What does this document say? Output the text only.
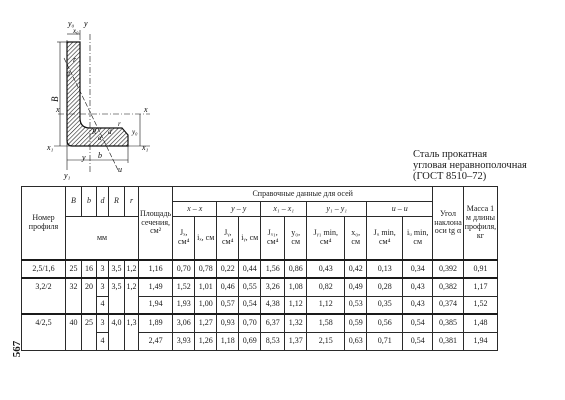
y₀ y
x₀
r
u
B
x	x
R d
α
r
y₀
x₁	x₁
y b
u
y₁
567
Сталь прокатная
угловая неравнополочная
(ГОСТ 8510–72)
Номер профиля	B	b	d	R	r	Площадь сечения, см²	Справочные данные для осей										Угол наклона оси tg α	Масса 1 м длины профиля, кг
							x – x		y – y		x₁ – x₁		y₁ – y₁		u – u			
	мм						Jₓ, см⁴	iₓ, см	Jᵧ, см⁴	iᵧ, см	Jₓ₁, см⁴	y₀, см	Jᵧ₁ min, см⁴	x₀, см	Jᵤ min, см⁴	iᵤ min, см		
2,5/1,6	25	16	3	3,5	1,2	1,16	0,70	0,78	0,22	0,44	1,56	0,86	0,43	0,42	0,13	0,34	0,392	0,91
3,2/2	32	20	3	3,5	1,2	1,49	1,52	1,01	0,46	0,55	3,26	1,08	0,82	0,49	0,28	0,43	0,382	1,17
			4			1,94	1,93	1,00	0,57	0,54	4,38	1,12	1,12	0,53	0,35	0,43	0,374	1,52
4/2,5	40	25	3	4,0	1,3	1,89	3,06	1,27	0,93	0,70	6,37	1,32	1,58	0,59	0,56	0,54	0,385	1,48
			4			2,47	3,93	1,26	1,18	0,69	8,53	1,37	2,15	0,63	0,71	0,54	0,381	1,94
